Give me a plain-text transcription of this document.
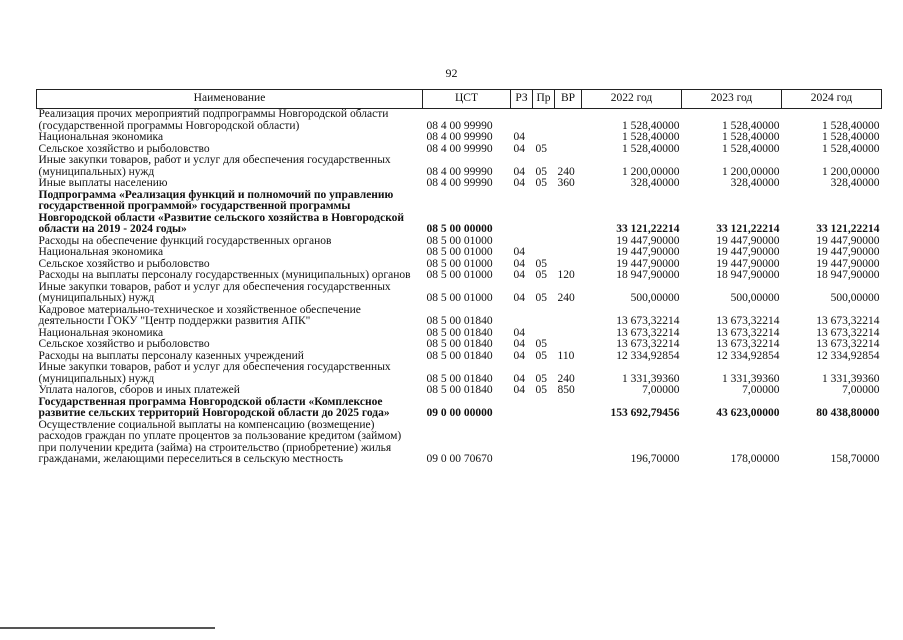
92
Наименование	ЦСТ	РЗ	Пр	ВР	2022 год	2023 год	2024 год
Реализация прочих мероприятий подпрограммы Новгородской области (государственной программы Новгородской области)	08 4 00 99990				1 528,40000	1 528,40000	1 528,40000
Национальная экономика	08 4 00 99990	04			1 528,40000	1 528,40000	1 528,40000
Сельское хозяйство и рыболовство	08 4 00 99990	04	05		1 528,40000	1 528,40000	1 528,40000
Иные закупки товаров, работ и услуг для обеспечения государственных (муниципальных) нужд	08 4 00 99990	04	05	240	1 200,00000	1 200,00000	1 200,00000
Иные выплаты населению	08 4 00 99990	04	05	360	328,40000	328,40000	328,40000
Подпрограмма «Реализация функций и полномочий по управлению государственной программой» государственной программы Новгородской области «Развитие сельского хозяйства в Новгородской области на 2019 - 2024 годы»	08 5 00 00000				33 121,22214	33 121,22214	33 121,22214
Расходы на обеспечение функций государственных органов	08 5 00 01000				19 447,90000	19 447,90000	19 447,90000
Национальная экономика	08 5 00 01000	04			19 447,90000	19 447,90000	19 447,90000
Сельское хозяйство и рыболовство	08 5 00 01000	04	05		19 447,90000	19 447,90000	19 447,90000
Расходы на выплаты персоналу государственных (муниципальных) органов	08 5 00 01000	04	05	120	18 947,90000	18 947,90000	18 947,90000
Иные закупки товаров, работ и услуг для обеспечения государственных (муниципальных) нужд	08 5 00 01000	04	05	240	500,00000	500,00000	500,00000
Кадровое материально-техническое и хозяйственное обеспечение деятельности ГОКУ "Центр поддержки развития АПК"	08 5 00 01840				13 673,32214	13 673,32214	13 673,32214
Национальная экономика	08 5 00 01840	04			13 673,32214	13 673,32214	13 673,32214
Сельское хозяйство и рыболовство	08 5 00 01840	04	05		13 673,32214	13 673,32214	13 673,32214
Расходы на выплаты персоналу казенных учреждений	08 5 00 01840	04	05	110	12 334,92854	12 334,92854	12 334,92854
Иные закупки товаров, работ и услуг для обеспечения государственных (муниципальных) нужд	08 5 00 01840	04	05	240	1 331,39360	1 331,39360	1 331,39360
Уплата налогов, сборов и иных платежей	08 5 00 01840	04	05	850	7,00000	7,00000	7,00000
Государственная программа Новгородской области «Комплексное развитие сельских территорий Новгородской области до 2025 года»	09 0 00 00000				153 692,79456	43 623,00000	80 438,80000
Осуществление социальной выплаты на компенсацию (возмещение) расходов граждан по уплате процентов за пользование кредитом (займом) при получении кредита (займа) на строительство (приобретение) жилья гражданами, желающими переселиться в сельскую местность	09 0 00 70670				196,70000	178,00000	158,70000
